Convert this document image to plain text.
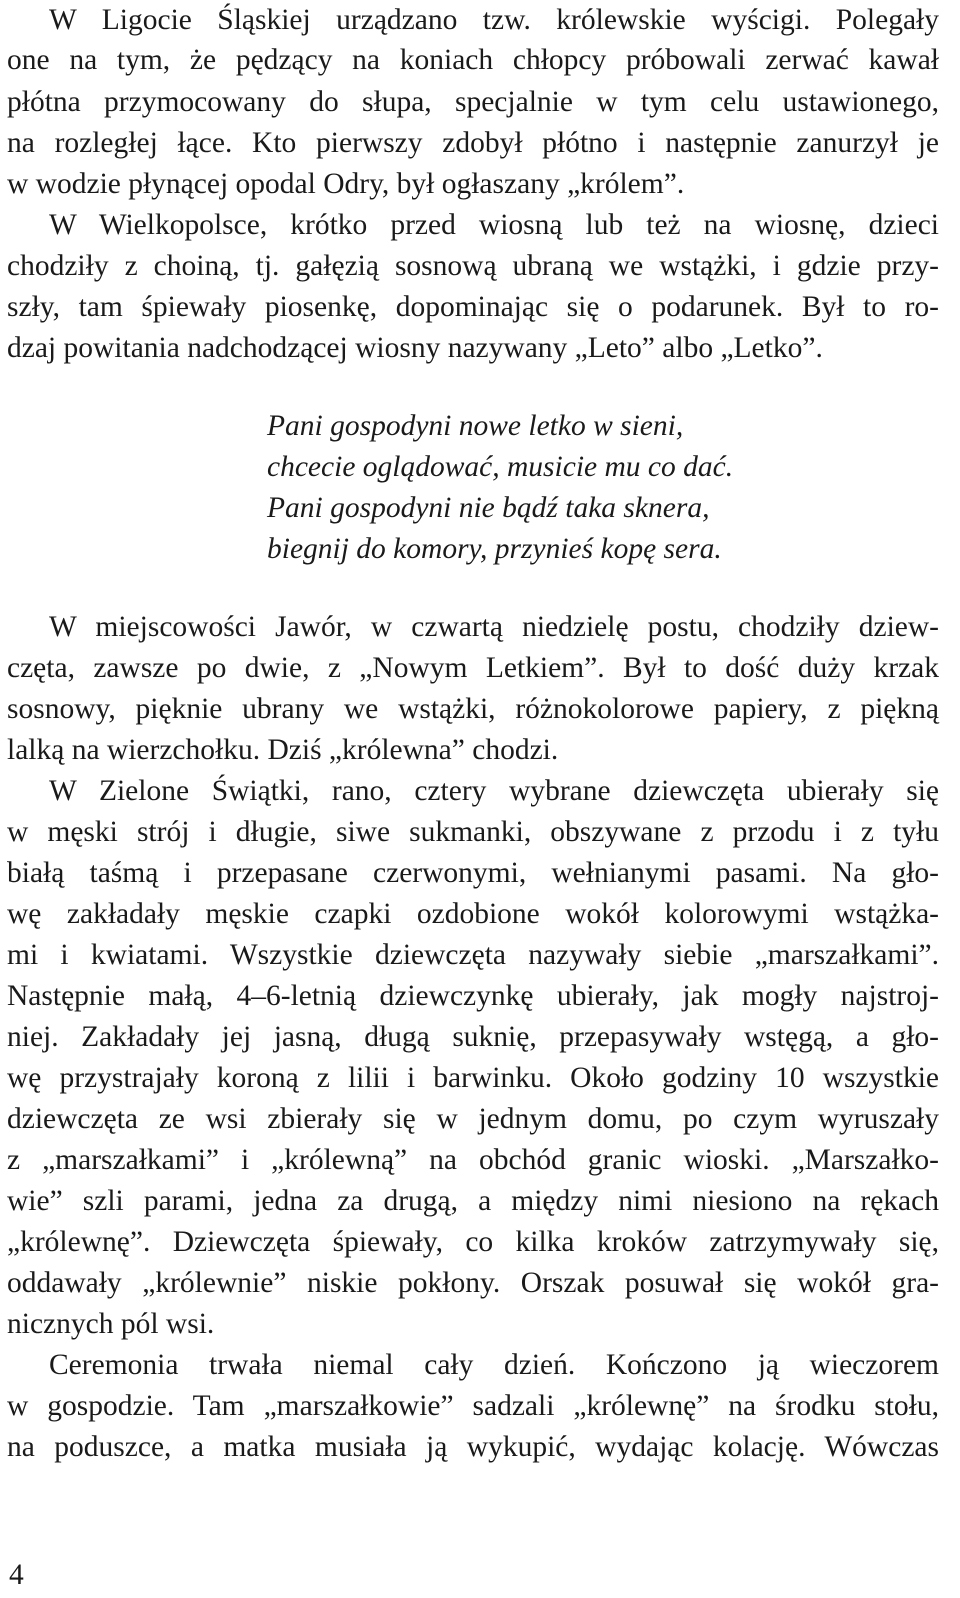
W Ligocie Śląskiej urządzano tzw. królewskie wyścigi. Polegały
one na tym, że pędzący na koniach chłopcy próbowali zerwać kawał
płótna przymocowany do słupa, specjalnie w tym celu ustawionego,
na rozległej łące. Kto pierwszy zdobył płótno i następnie zanurzył je
w wodzie płynącej opodal Odry, był ogłaszany „królem”.
W Wielkopolsce, krótko przed wiosną lub też na wiosnę, dzieci
chodziły z choiną, tj. gałęzią sosnową ubraną we wstążki, i gdzie przy-
szły, tam śpiewały piosenkę, dopominając się o podarunek. Był to ro-
dzaj powitania nadchodzącej wiosny nazywany „Leto” albo „Letko”.
Pani gospodyni nowe letko w sieni,
chcecie oglądować, musicie mu co dać.
Pani gospodyni nie bądź taka sknera,
biegnij do komory, przynieś kopę sera.
W miejscowości Jawór, w czwartą niedzielę postu, chodziły dziew-
częta, zawsze po dwie, z „Nowym Letkiem”. Był to dość duży krzak
sosnowy, pięknie ubrany we wstążki, różnokolorowe papiery, z piękną
lalką na wierzchołku. Dziś „królewna” chodzi.
W Zielone Świątki, rano, cztery wybrane dziewczęta ubierały się
w męski strój i długie, siwe sukmanki, obszywane z przodu i z tyłu
białą taśmą i przepasane czerwonymi, wełnianymi pasami. Na gło-
wę zakładały męskie czapki ozdobione wokół kolorowymi wstążka-
mi i kwiatami. Wszystkie dziewczęta nazywały siebie „marszałkami”.
Następnie małą, 4–6-letnią dziewczynkę ubierały, jak mogły najstroj-
niej. Zakładały jej jasną, długą suknię, przepasywały wstęgą, a gło-
wę przystrajały koroną z lilii i barwinku. Około godziny 10 wszystkie
dziewczęta ze wsi zbierały się w jednym domu, po czym wyruszały
z „marszałkami” i „królewną” na obchód granic wioski. „Marszałko-
wie” szli parami, jedna za drugą, a między nimi niesiono na rękach
„królewnę”. Dziewczęta śpiewały, co kilka kroków zatrzymywały się,
oddawały „królewnie” niskie pokłony. Orszak posuwał się wokół gra-
nicznych pól wsi.
Ceremonia trwała niemal cały dzień. Kończono ją wieczorem
w gospodzie. Tam „marszałkowie” sadzali „królewnę” na środku stołu,
na poduszce, a matka musiała ją wykupić, wydając kolację. Wówczas
4
